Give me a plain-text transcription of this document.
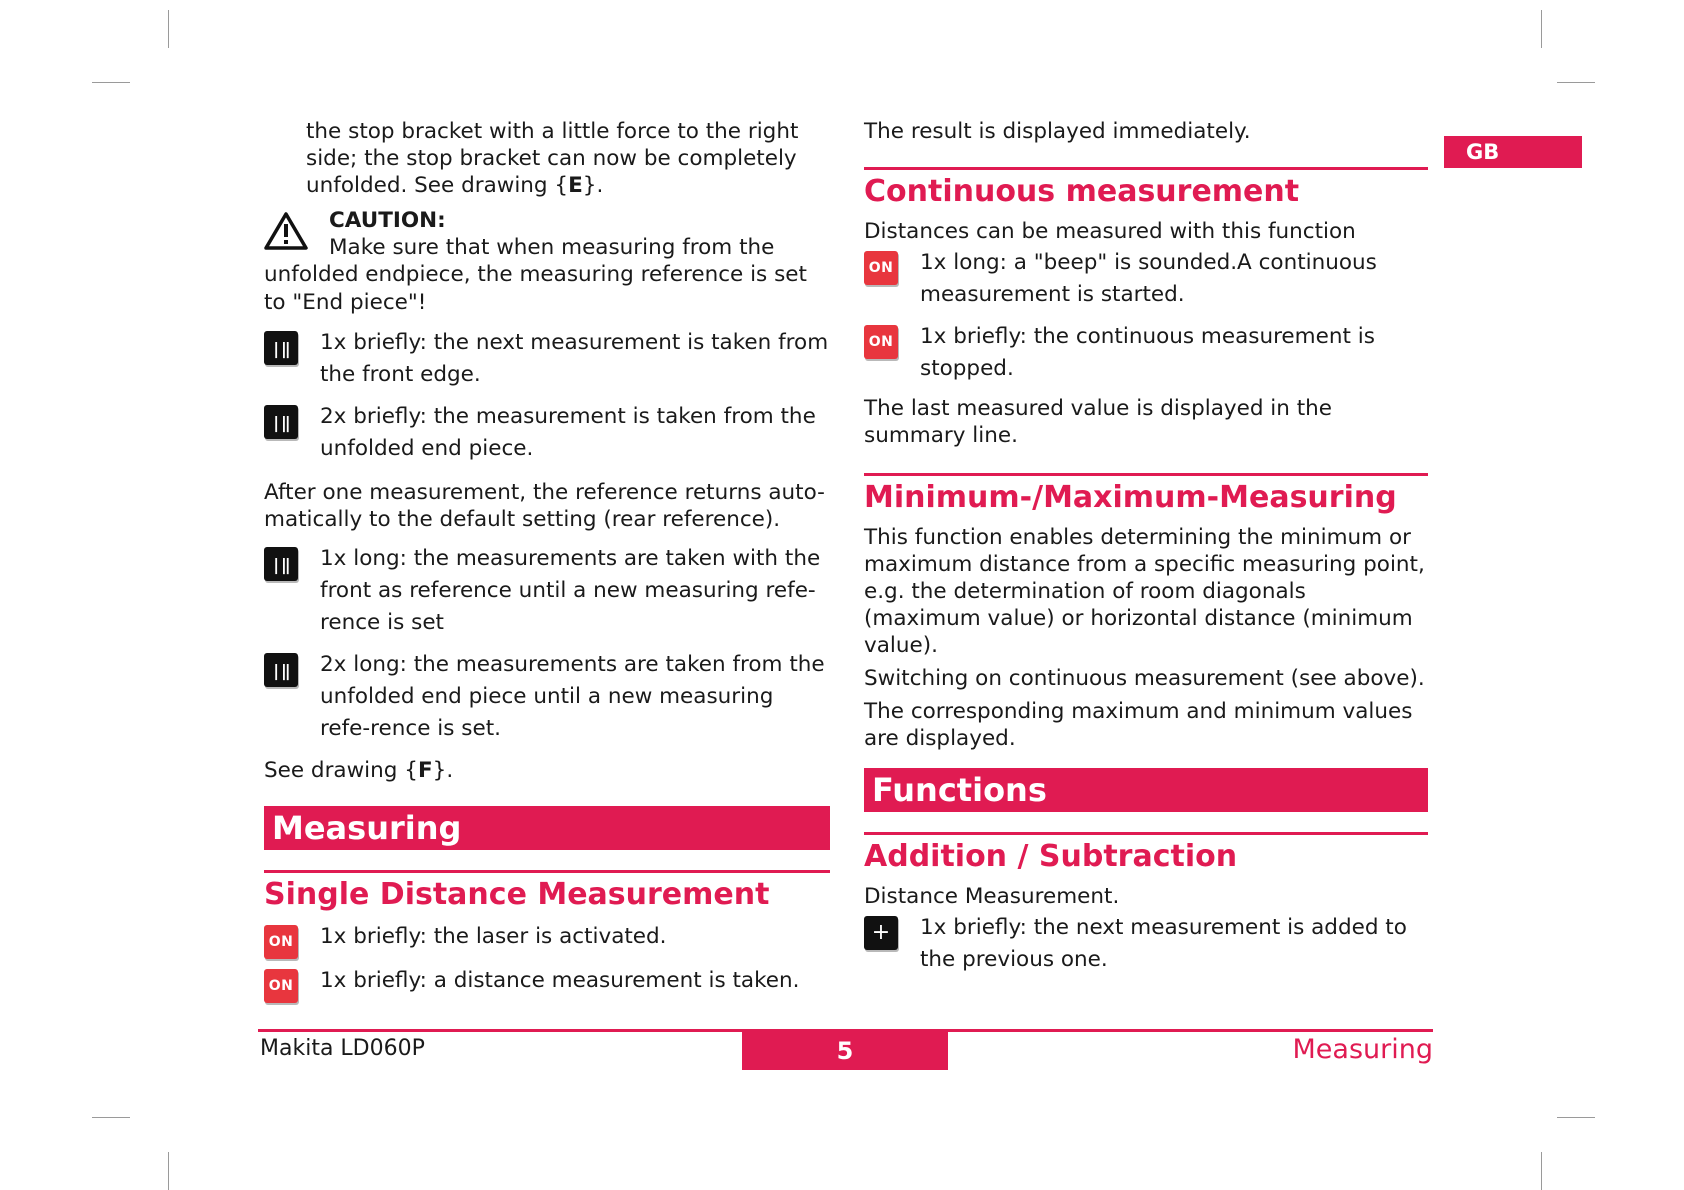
GB
the stop bracket with a little force to the right
side; the stop bracket can now be completely
unfolded. See drawing {E}.
CAUTION:
Make sure that when measuring from the
unfolded endpiece, the measuring reference is set to "End piece"!
|‖	1x briefly: the next measurement is taken from the front edge.
|‖	2x briefly: the measurement is taken from the unfolded end piece.
After one measurement, the reference returns auto-matically to the default setting (rear reference).
|‖	1x long: the measurements are taken with the front as reference until a new measuring refe-rence is set
|‖	2x long: the measurements are taken from the unfolded end piece until a new measuring refe-rence is set.
See drawing {F}.
Measuring
Single Distance Measurement
ON 1x briefly: the laser is activated.
ON 1x briefly: a distance measurement is taken.
The result is displayed immediately.
Continuous measurement
Distances can be measured with this function
ON 1x long: a "beep" is sounded.A continuous measurement is started.
ON 1x briefly: the continuous measurement is stopped.
The last measured value is displayed in the summary line.
Minimum-/Maximum-Measuring
This function enables determining the minimum or maximum distance from a specific measuring point, e.g. the determination of room diagonals (maximum value) or horizontal distance (minimum value).
Switching on continuous measurement (see above).
The corresponding maximum and minimum values are displayed.
Functions
Addition / Subtraction
Distance Measurement.
+	1x briefly: the next measurement is added to the previous one.
Makita LD060P	5	Measuring
